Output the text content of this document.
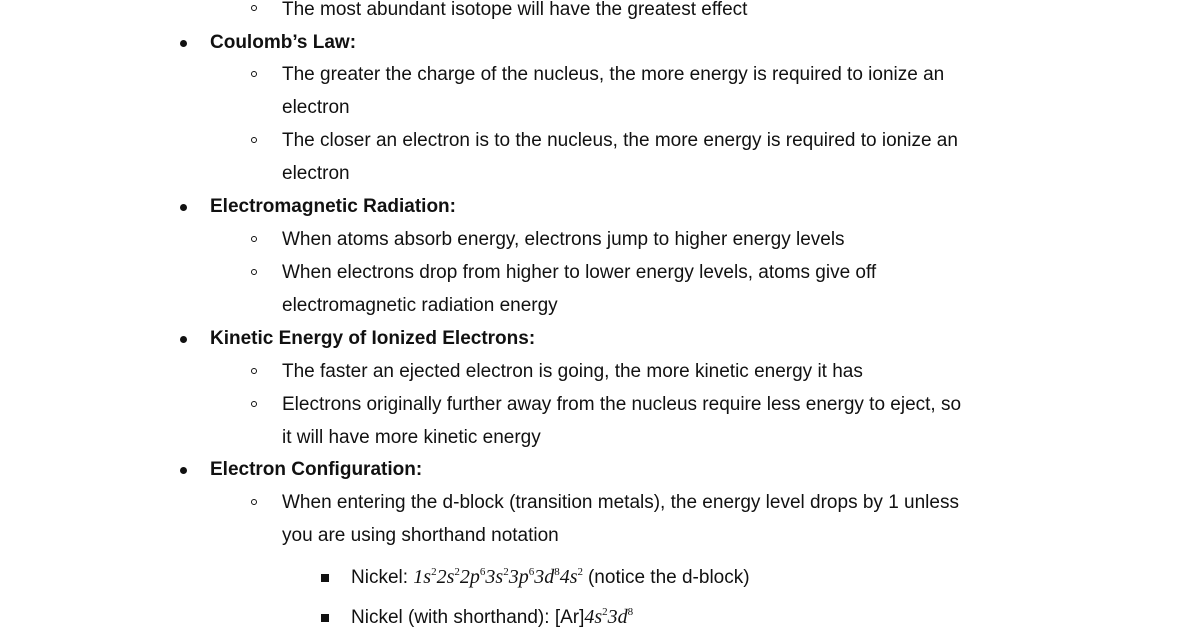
The most abundant isotope will have the greatest effect
Coulomb’s Law:
The greater the charge of the nucleus, the more energy is required to ionize an
electron
The closer an electron is to the nucleus, the more energy is required to ionize an
electron
Electromagnetic Radiation:
When atoms absorb energy, electrons jump to higher energy levels
When electrons drop from higher to lower energy levels, atoms give off
electromagnetic radiation energy
Kinetic Energy of Ionized Electrons:
The faster an ejected electron is going, the more kinetic energy it has
Electrons originally further away from the nucleus require less energy to eject, so
it will have more kinetic energy
Electron Configuration:
When entering the d-block (transition metals), the energy level drops by 1 unless
you are using shorthand notation
Nickel: $1s^22s^22p^63s^23p^63d^84s^2$ (notice the d-block)
Nickel (with shorthand): $[Ar]4s^23d^8$
